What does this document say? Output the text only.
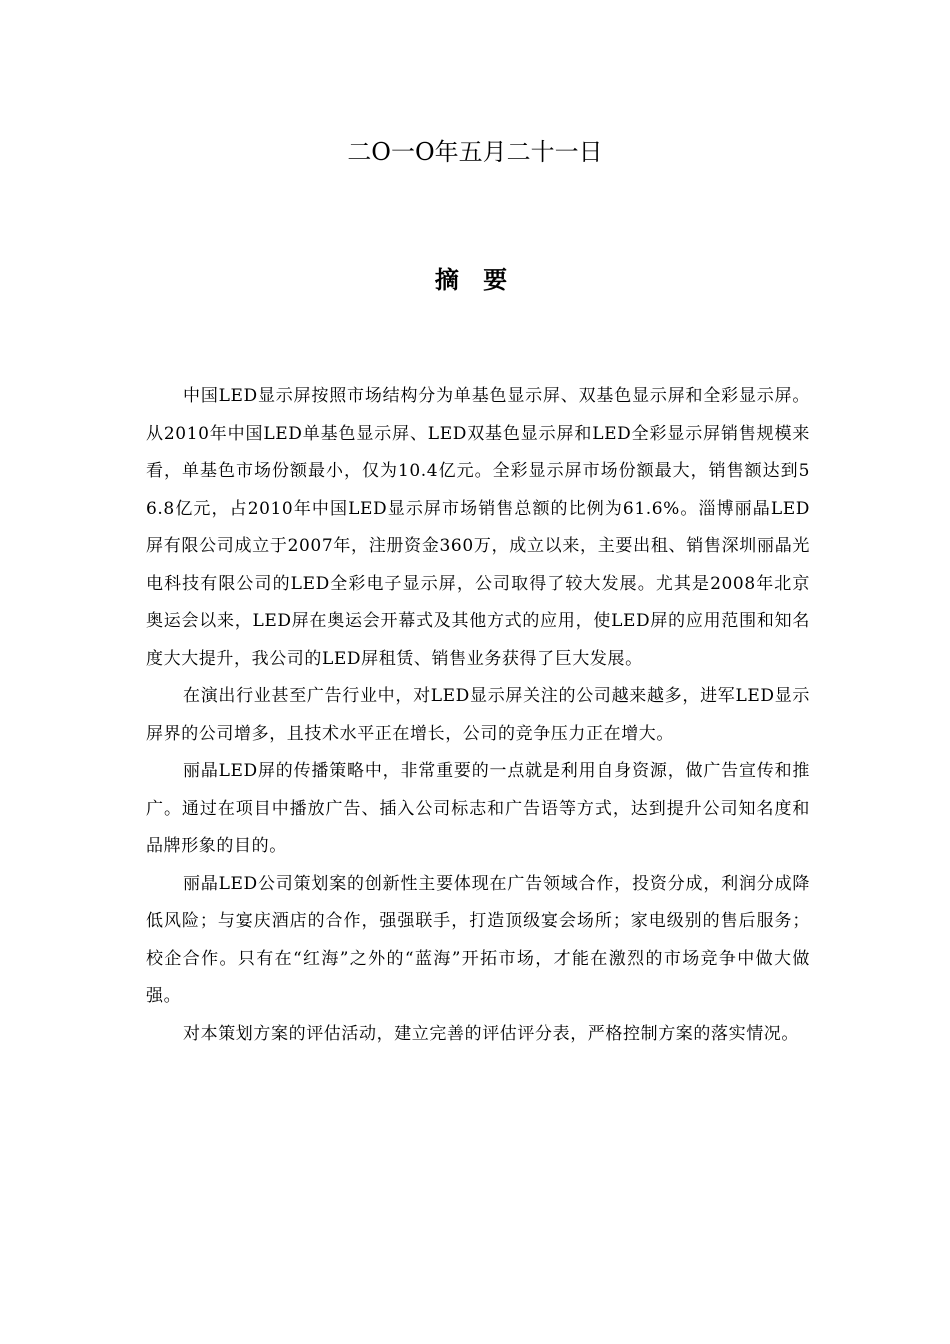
二O一O年五月二十一日
摘 要

中国LED显示屏按照市场结构分为单基色显示屏、双基色显示屏和全彩显示屏。从2010年中国LED单基色显示屏、LED双基色显示屏和LED全彩显示屏销售规模来看，单基色市场份额最小，仅为10.4亿元。全彩显示屏市场份额最大，销售额达到56.8亿元，占2010年中国LED显示屏市场销售总额的比例为61.6%。淄博丽晶LED屏有限公司成立于2007年，注册资金360万，成立以来，主要出租、销售深圳丽晶光电科技有限公司的LED全彩电子显示屏，公司取得了较大发展。尤其是2008年北京奥运会以来，LED屏在奥运会开幕式及其他方式的应用，使LED屏的应用范围和知名度大大提升，我公司的LED屏租赁、销售业务获得了巨大发展。

在演出行业甚至广告行业中，对LED显示屏关注的公司越来越多，进军LED显示屏界的公司增多，且技术水平正在增长，公司的竞争压力正在增大。

丽晶LED屏的传播策略中，非常重要的一点就是利用自身资源，做广告宣传和推广。通过在项目中播放广告、插入公司标志和广告语等方式，达到提升公司知名度和品牌形象的目的。

丽晶LED公司策划案的创新性主要体现在广告领域合作，投资分成，利润分成降低风险；与宴庆酒店的合作，强强联手，打造顶级宴会场所；家电级别的售后服务；校企合作。只有在“红海”之外的“蓝海”开拓市场，才能在激烈的市场竞争中做大做强。

对本策划方案的评估活动，建立完善的评估评分表，严格控制方案的落实情况。
